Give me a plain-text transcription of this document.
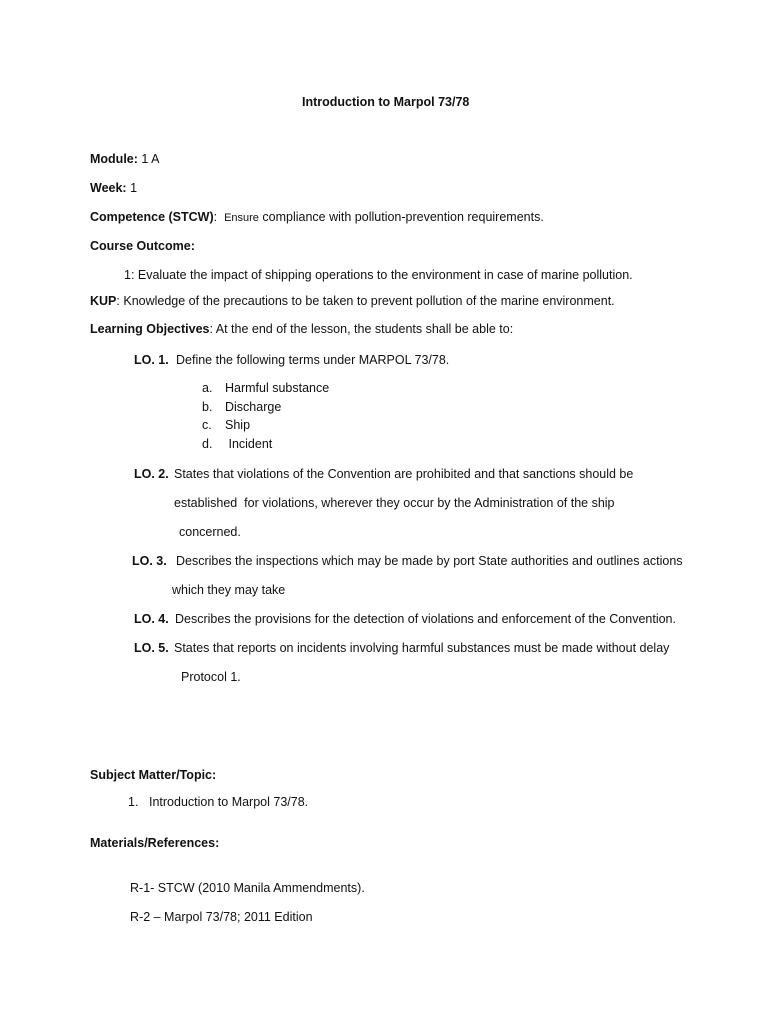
Introduction to Marpol 73/78
Module: 1 A
Week: 1
Competence (STCW): Ensure compliance with pollution-prevention requirements.
Course Outcome:
1: Evaluate the impact of shipping operations to the environment in case of marine pollution.
KUP: Knowledge of the precautions to be taken to prevent pollution of the marine environment.
Learning Objectives: At the end of the lesson, the students shall be able to:
LO. 1. Define the following terms under MARPOL 73/78.
a. Harmful substance
b. Discharge
c. Ship
d. Incident
LO. 2. States that violations of the Convention are prohibited and that sanctions should be
established  for violations, wherever they occur by the Administration of the ship
concerned.
LO. 3. Describes the inspections which may be made by port State authorities and outlines actions
which they may take
LO. 4. Describes the provisions for the detection of violations and enforcement of the Convention.
LO. 5. States that reports on incidents involving harmful substances must be made without delay
Protocol 1.
Subject Matter/Topic:
1. Introduction to Marpol 73/78.
Materials/References:
R-1- STCW (2010 Manila Ammendments).
R-2 – Marpol 73/78; 2011 Edition
